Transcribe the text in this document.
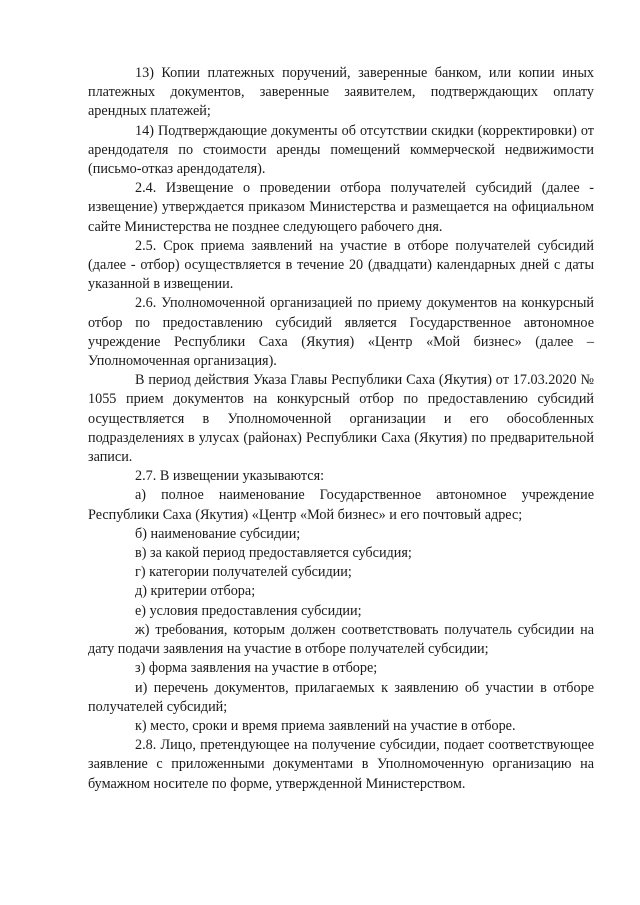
13) Копии платежных поручений, заверенные банком, или копии иных платежных документов, заверенные заявителем, подтверждающих оплату арендных платежей;

14) Подтверждающие документы об отсутствии скидки (корректировки) от арендодателя по стоимости аренды помещений коммерческой недвижимости (письмо-отказ арендодателя).

2.4. Извещение о проведении отбора получателей субсидий (далее - извещение) утверждается приказом Министерства и размещается на официальном сайте Министерства не позднее следующего рабочего дня.

2.5. Срок приема заявлений на участие в отборе получателей субсидий (далее - отбор) осуществляется в течение 20 (двадцати) календарных дней с даты указанной в извещении.

2.6. Уполномоченной организацией по приему документов на конкурсный отбор по предоставлению субсидий является Государственное автономное учреждение Республики Саха (Якутия) «Центр «Мой бизнес» (далее – Уполномоченная организация).

В период действия Указа Главы Республики Саха (Якутия) от 17.03.2020 № 1055 прием документов на конкурсный отбор по предоставлению субсидий осуществляется в Уполномоченной организации и его обособленных подразделениях в улусах (районах) Республики Саха (Якутия) по предварительной записи.

2.7. В извещении указываются:

а) полное наименование Государственное автономное учреждение Республики Саха (Якутия) «Центр «Мой бизнес» и его почтовый адрес;

б) наименование субсидии;

в) за какой период предоставляется субсидия;

г) категории получателей субсидии;

д) критерии отбора;

е) условия предоставления субсидии;

ж) требования, которым должен соответствовать получатель субсидии на дату подачи заявления на участие в отборе получателей субсидии;

з) форма заявления на участие в отборе;

и) перечень документов, прилагаемых к заявлению об участии в отборе получателей субсидий;

к) место, сроки и время приема заявлений на участие в отборе.

2.8. Лицо, претендующее на получение субсидии, подает соответствующее заявление с приложенными документами в Уполномоченную организацию на бумажном носителе по форме, утвержденной Министерством.
